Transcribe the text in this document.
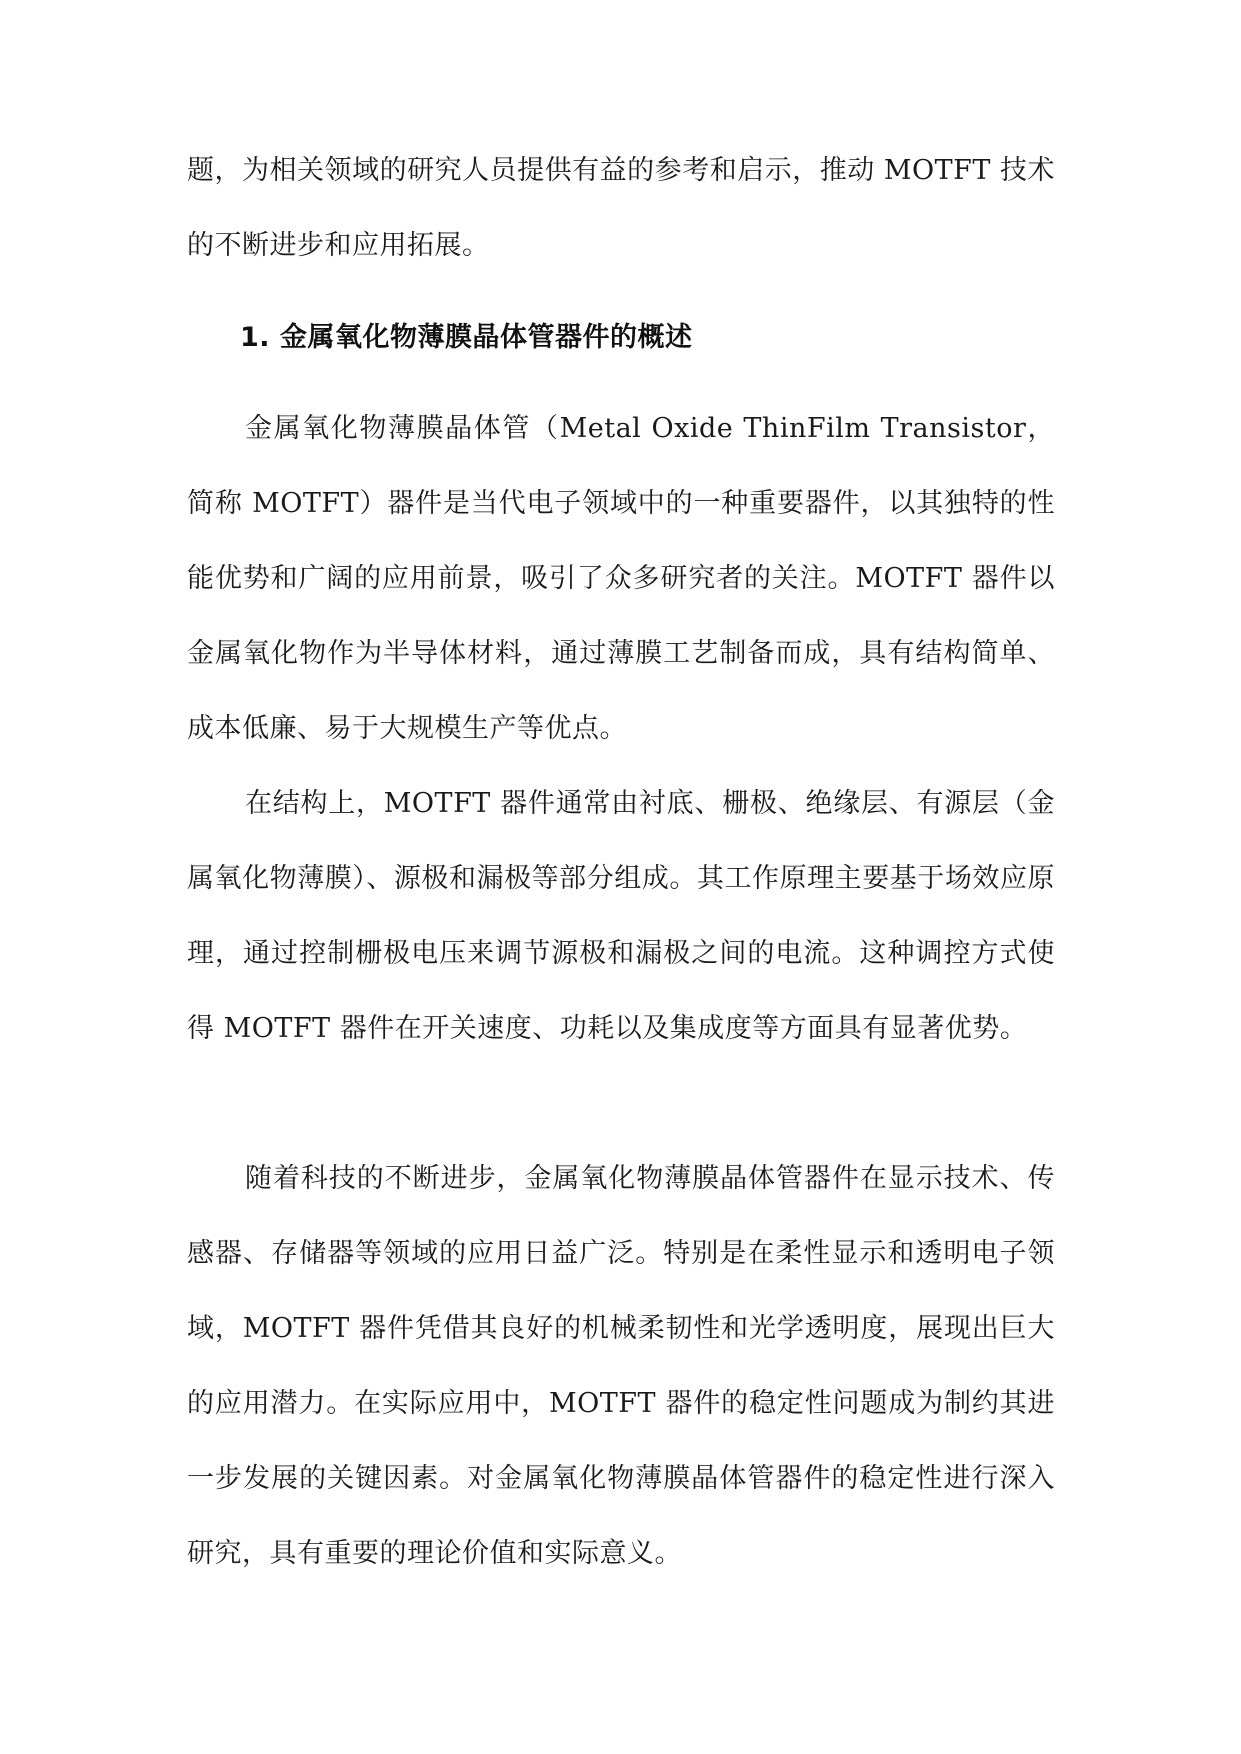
题，为相关领域的研究人员提供有益的参考和启示，推动 MOTFT 技术的不断进步和应用拓展。

1. 金属氧化物薄膜晶体管器件的概述

金属氧化物薄膜晶体管（Metal Oxide ThinFilm Transistor，简称 MOTFT）器件是当代电子领域中的一种重要器件，以其独特的性能优势和广阔的应用前景，吸引了众多研究者的关注。MOTFT 器件以金属氧化物作为半导体材料，通过薄膜工艺制备而成，具有结构简单、成本低廉、易于大规模生产等优点。

在结构上，MOTFT 器件通常由衬底、栅极、绝缘层、有源层（金属氧化物薄膜）、源极和漏极等部分组成。其工作原理主要基于场效应原理，通过控制栅极电压来调节源极和漏极之间的电流。这种调控方式使得 MOTFT 器件在开关速度、功耗以及集成度等方面具有显著优势。

随着科技的不断进步，金属氧化物薄膜晶体管器件在显示技术、传感器、存储器等领域的应用日益广泛。特别是在柔性显示和透明电子领域，MOTFT 器件凭借其良好的机械柔韧性和光学透明度，展现出巨大的应用潜力。在实际应用中，MOTFT 器件的稳定性问题成为制约其进一步发展的关键因素。对金属氧化物薄膜晶体管器件的稳定性进行深入研究，具有重要的理论价值和实际意义。
